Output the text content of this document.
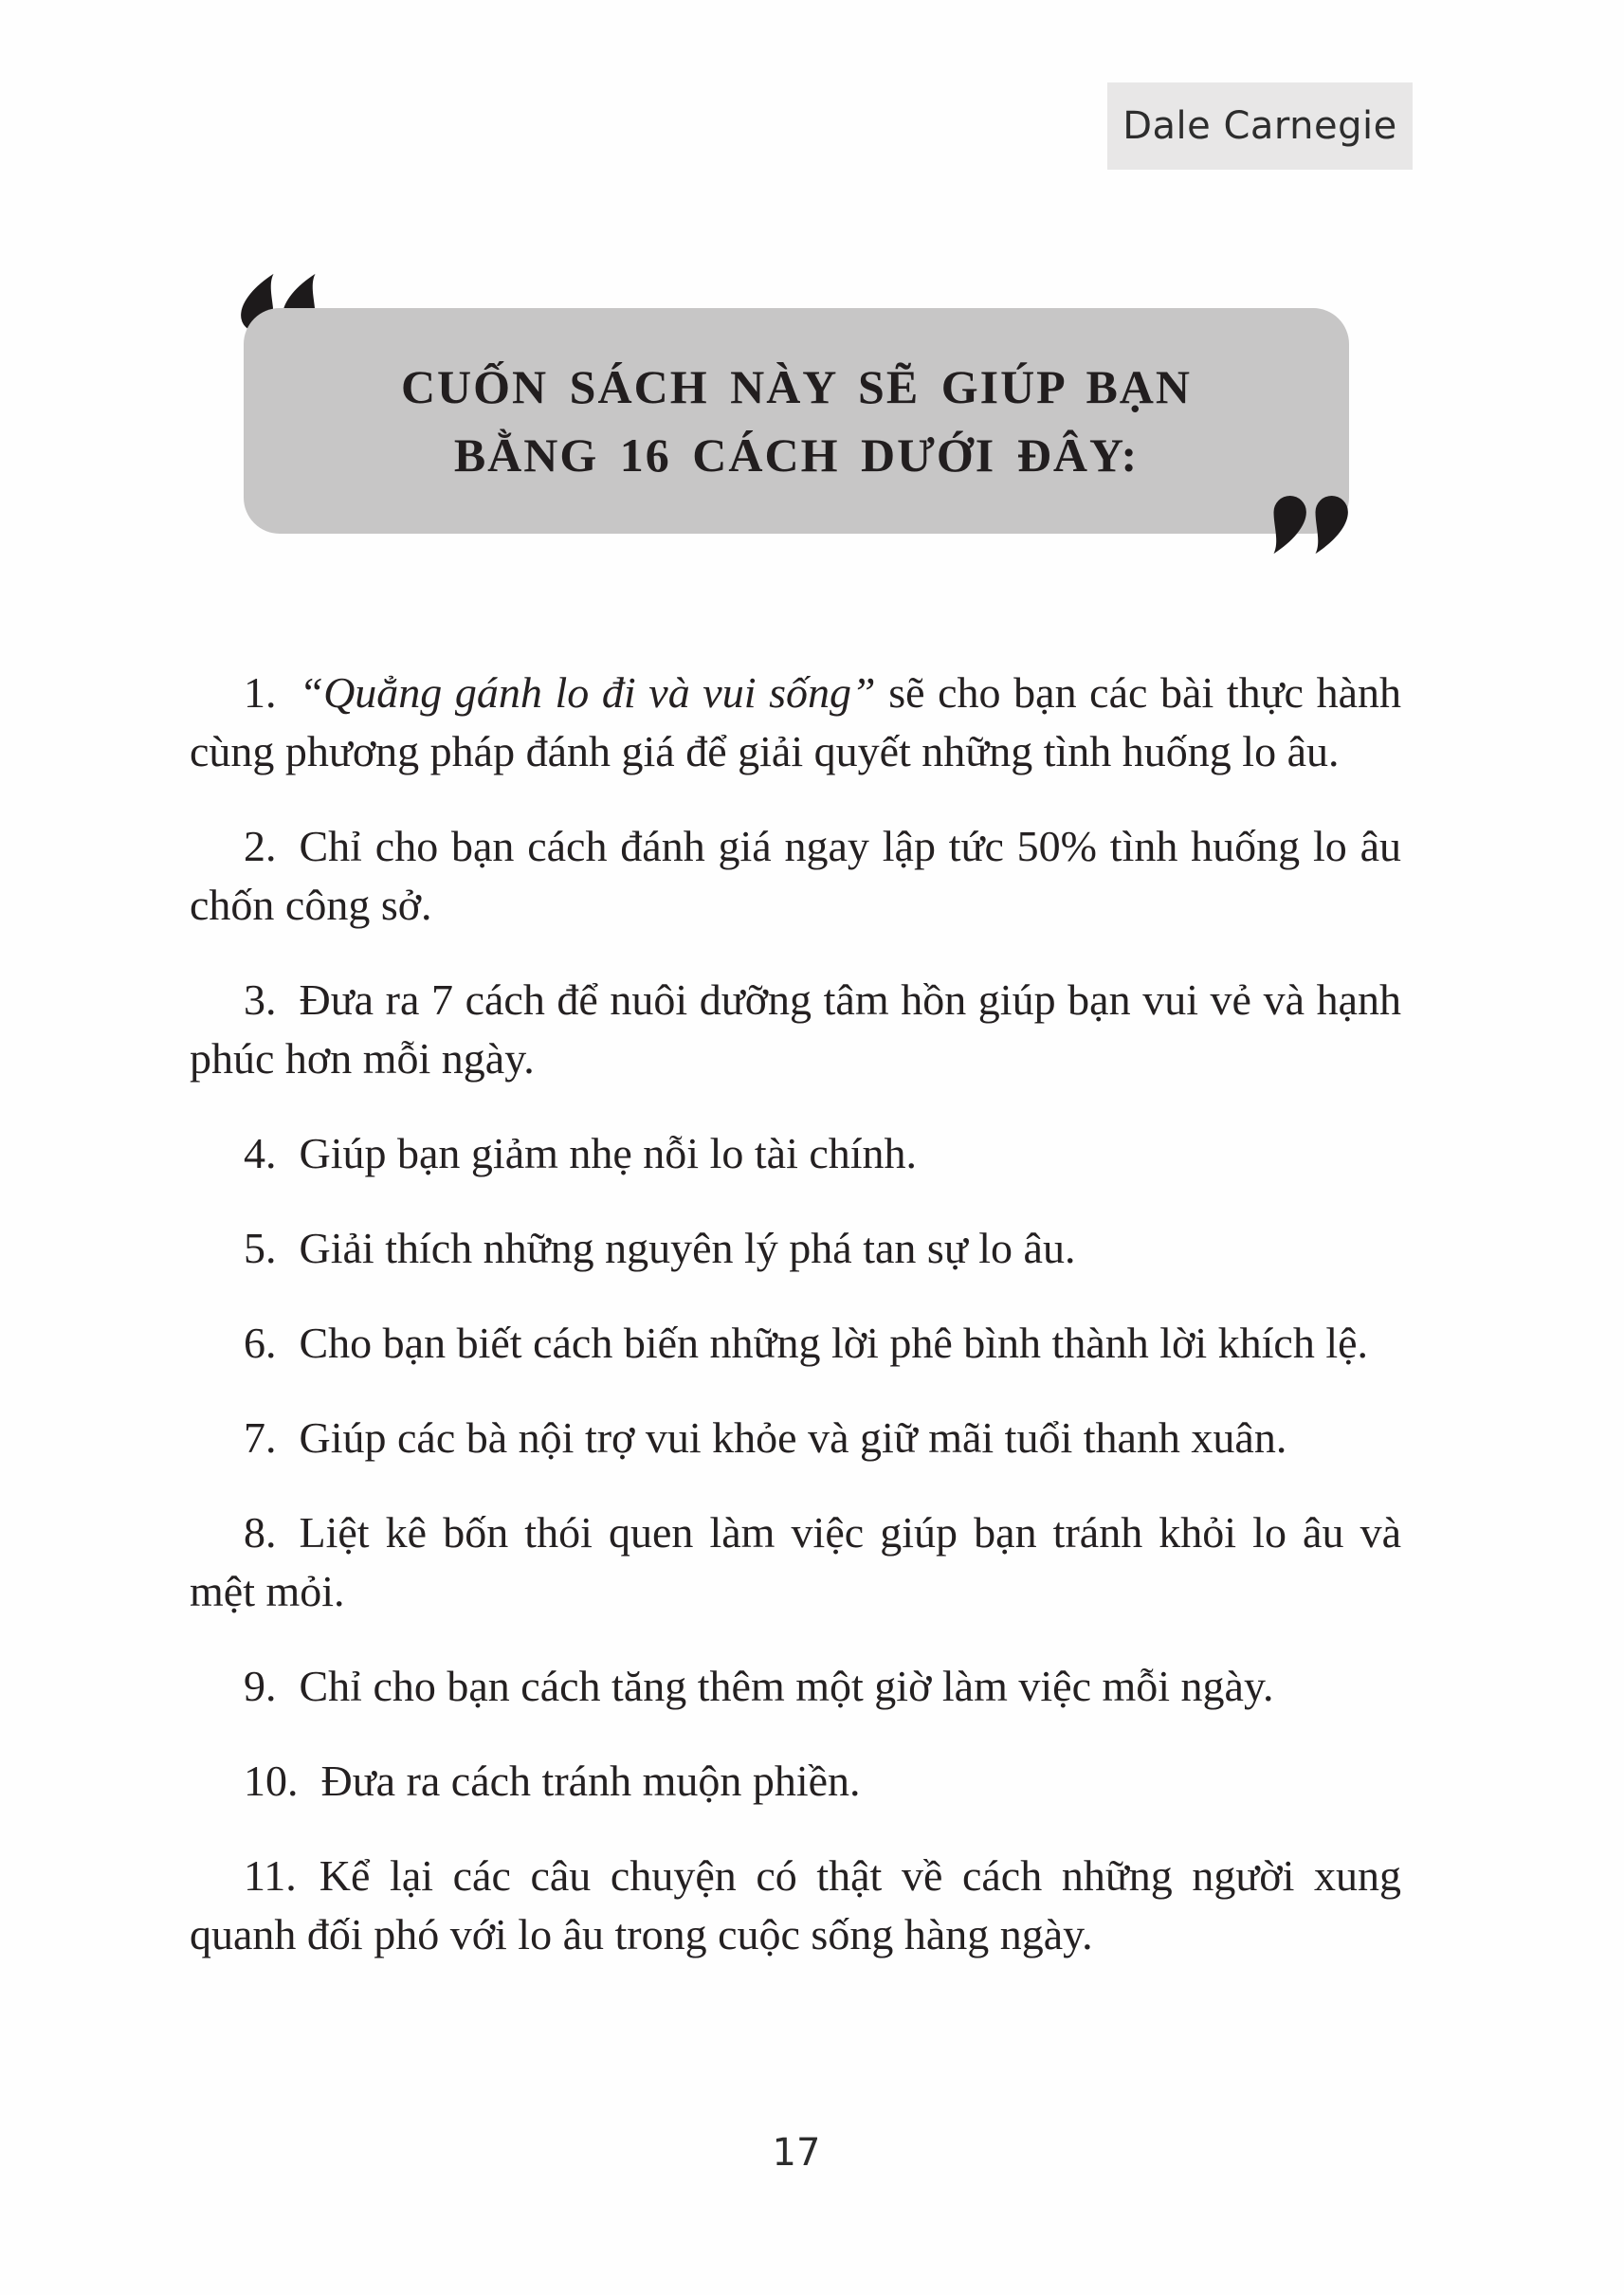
Dale Carnegie

CUỐN SÁCH NÀY SẼ GIÚP BẠN

BẰNG 16 CÁCH DƯỚI ĐÂY:

1. “Quẳng gánh lo đi và vui sống” sẽ cho bạn các bài thực hành cùng phương pháp đánh giá để giải quyết những tình huống lo âu.

2. Chỉ cho bạn cách đánh giá ngay lập tức 50% tình huống lo âu chốn công sở.

3. Đưa ra 7 cách để nuôi dưỡng tâm hồn giúp bạn vui vẻ và hạnh phúc hơn mỗi ngày.

4. Giúp bạn giảm nhẹ nỗi lo tài chính.

5. Giải thích những nguyên lý phá tan sự lo âu.

6. Cho bạn biết cách biến những lời phê bình thành lời khích lệ.

7. Giúp các bà nội trợ vui khỏe và giữ mãi tuổi thanh xuân.

8. Liệt kê bốn thói quen làm việc giúp bạn tránh khỏi lo âu và mệt mỏi.

9. Chỉ cho bạn cách tăng thêm một giờ làm việc mỗi ngày.

10. Đưa ra cách tránh muộn phiền.

11. Kể lại các câu chuyện có thật về cách những người xung quanh đối phó với lo âu trong cuộc sống hàng ngày.

17
